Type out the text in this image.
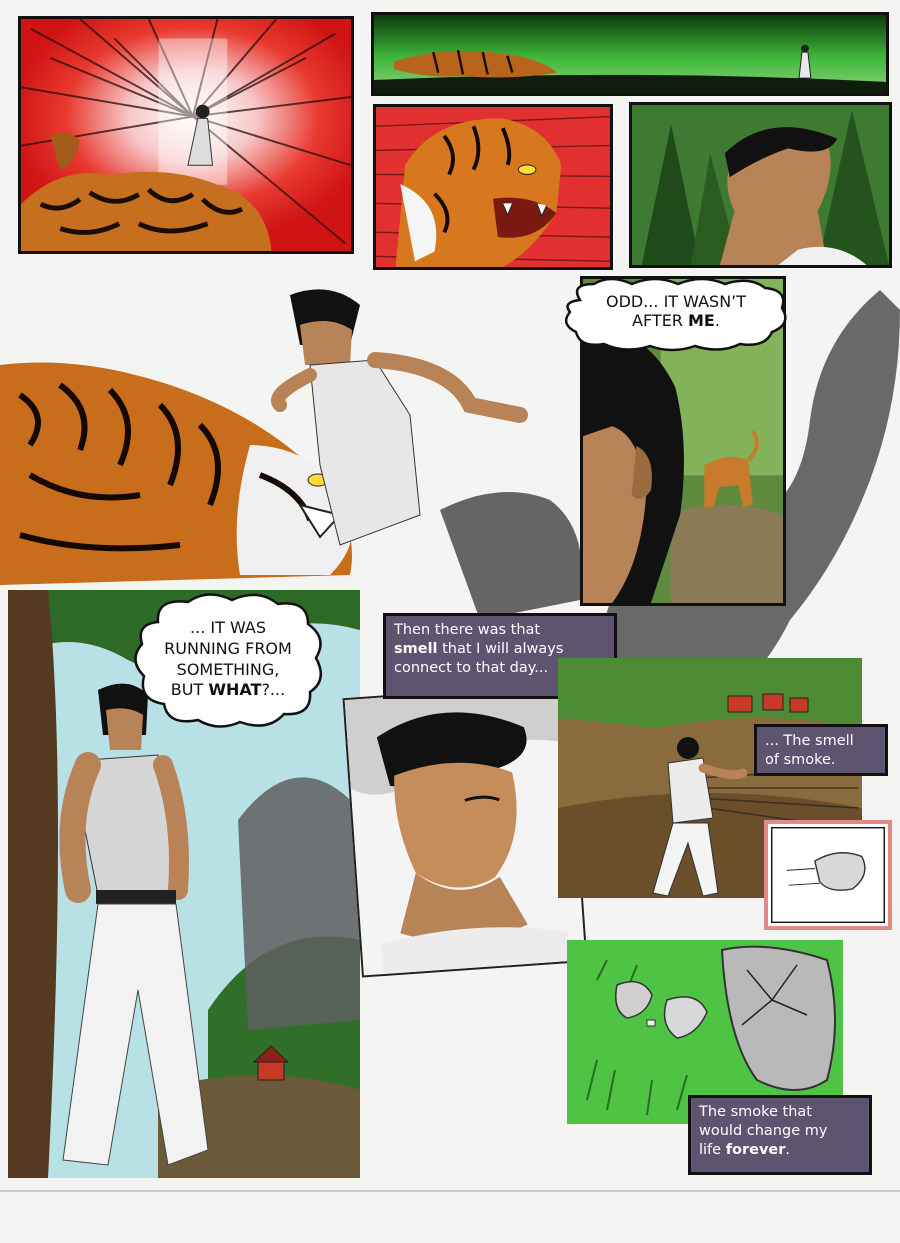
ODD... IT WASN’T
AFTER ME.
... IT WAS
RUNNING FROM
SOMETHING,
BUT WHAT?...
Then there was that
smell that I will always
connect to that day...
... The smell
of smoke.
The smoke that
would change my
life forever.
